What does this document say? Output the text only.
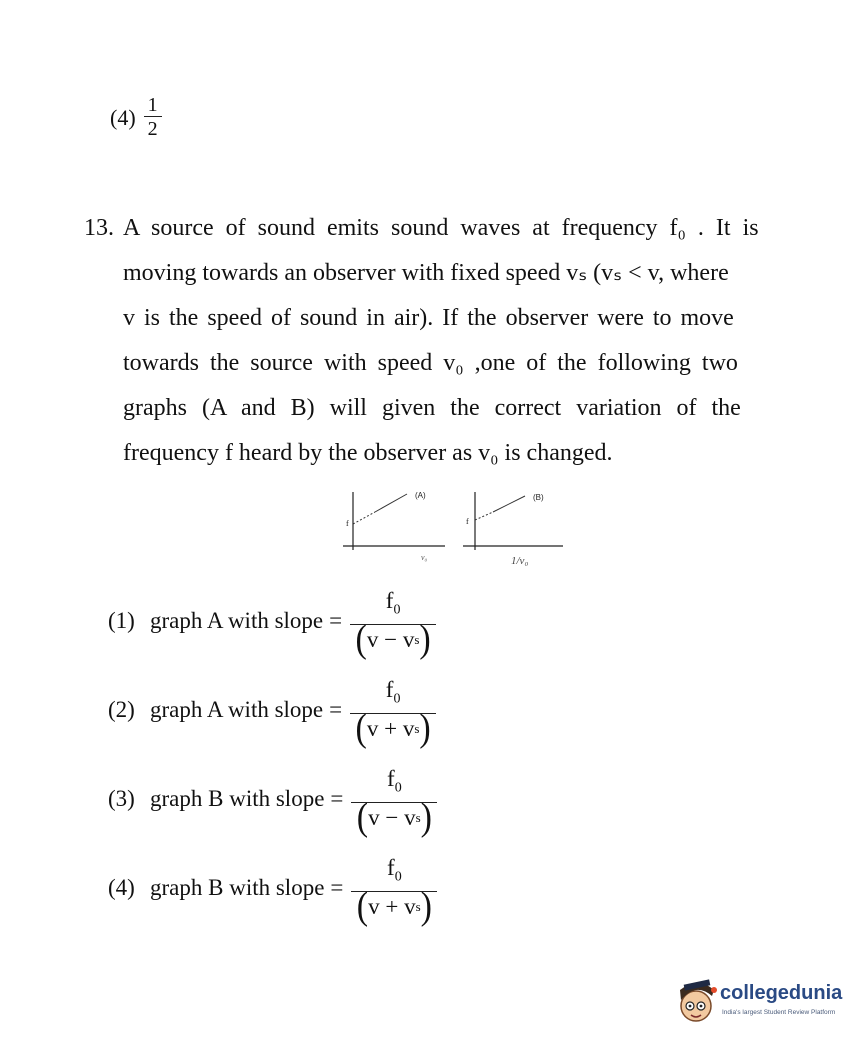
$(4) \frac{1}{2}$
13. A source of sound emits sound waves at frequency f₀ . It is
moving towards an observer with fixed speed vₛ (vₛ < v, where
v is the speed of sound in air). If the observer were to move
towards the source with speed v₀ ,one of the following two
graphs (A and B) will given the correct variation of the
frequency f heard by the observer as v₀ is changed.
(A)
f
v₀
(B)
f
1/v₀
(1) graph A with slope =
$f_0$
( v
−
v s )
(2) graph A with slope =
$f_0$
( v
+
v s )
(3) graph B with slope =
$f_0$
( v
−
v s )
(4) graph B with slope =
$f_0$
( v
+
v s )
collegedunia
India's largest Student Review Platform
